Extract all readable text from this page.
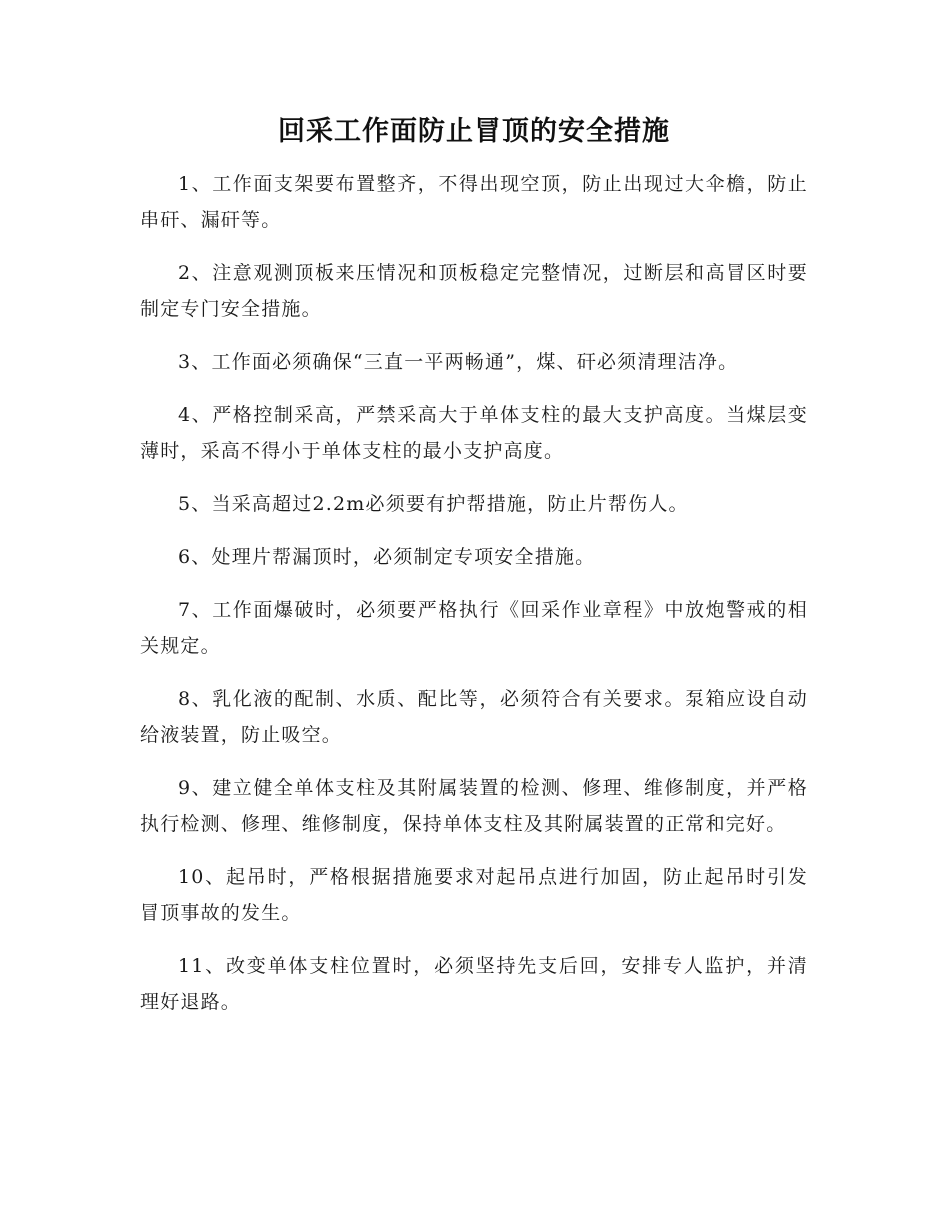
回采工作面防止冒顶的安全措施

1、工作面支架要布置整齐，不得出现空顶，防止出现过大伞檐，防止串矸、漏矸等。

2、注意观测顶板来压情况和顶板稳定完整情况，过断层和高冒区时要制定专门安全措施。

3、工作面必须确保“三直一平两畅通”，煤、矸必须清理洁净。

4、严格控制采高，严禁采高大于单体支柱的最大支护高度。当煤层变薄时，采高不得小于单体支柱的最小支护高度。

5、当采高超过2.2m必须要有护帮措施，防止片帮伤人。

6、处理片帮漏顶时，必须制定专项安全措施。

7、工作面爆破时，必须要严格执行《回采作业章程》中放炮警戒的相关规定。

8、乳化液的配制、水质、配比等，必须符合有关要求。泵箱应设自动给液装置，防止吸空。

9、建立健全单体支柱及其附属装置的检测、修理、维修制度，并严格执行检测、修理、维修制度，保持单体支柱及其附属装置的正常和完好。

10、起吊时，严格根据措施要求对起吊点进行加固，防止起吊时引发冒顶事故的发生。

11、改变单体支柱位置时，必须坚持先支后回，安排专人监护，并清理好退路。
